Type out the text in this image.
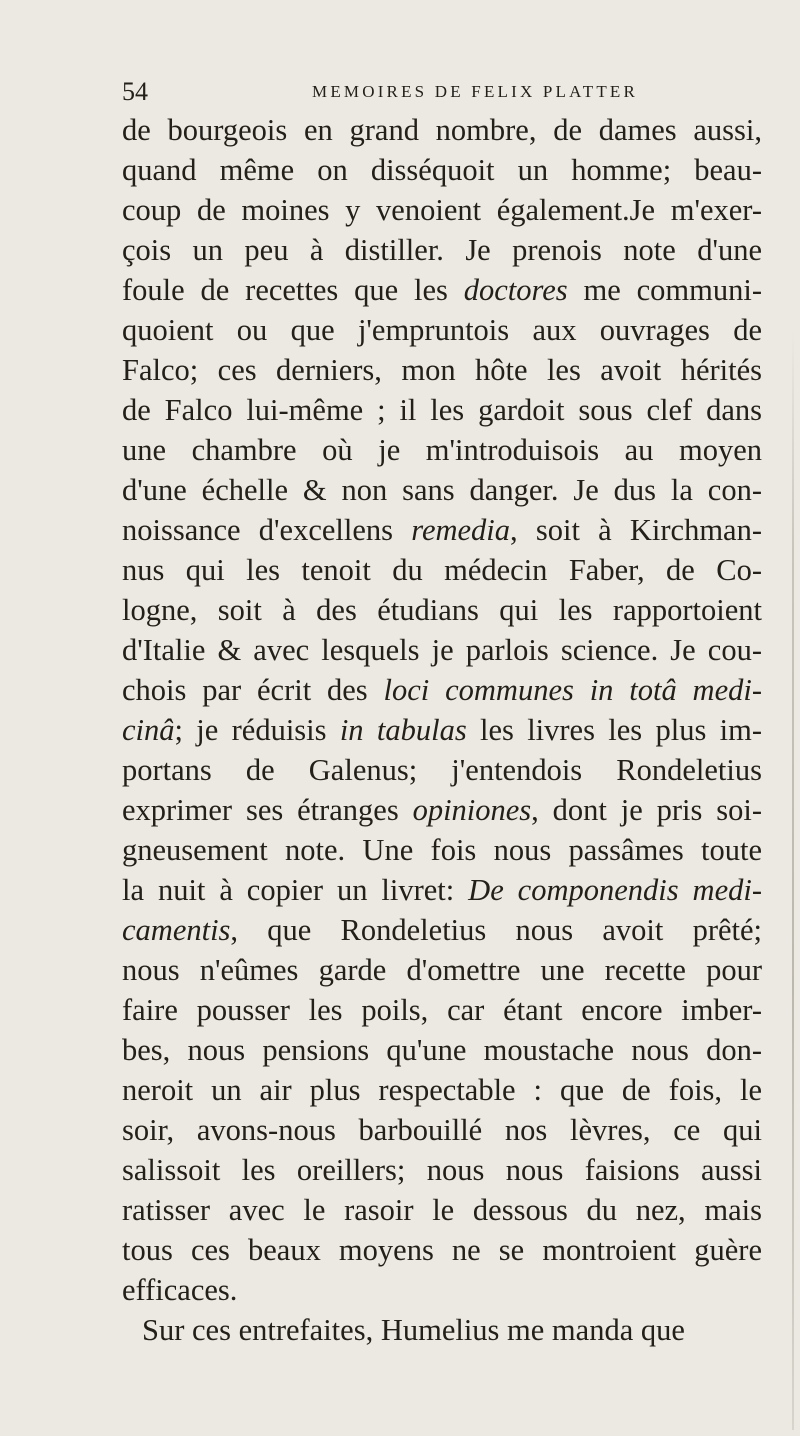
54	MEMOIRES DE FELIX PLATTER
de bourgeois en grand nombre, de dames aussi,
quand même on disséquoit un homme; beau-
coup de moines y venoient également.Je m'exer-
çois un peu à distiller. Je prenois note d'une
foule de recettes que les doctores me communi-
quoient ou que j'empruntois aux ouvrages de
Falco; ces derniers, mon hôte les avoit hérités
de Falco lui-même ; il les gardoit sous clef dans
une chambre où je m'introduisois au moyen
d'une échelle & non sans danger. Je dus la con-
noissance d'excellens remedia, soit à Kirchman-
nus qui les tenoit du médecin Faber, de Co-
logne, soit à des étudians qui les rapportoient
d'Italie & avec lesquels je parlois science. Je cou-
chois par écrit des loci communes in totâ medi-
cinâ; je réduisis in tabulas les livres les plus im-
portans de Galenus; j'entendois Rondeletius
exprimer ses étranges opiniones, dont je pris soi-
gneusement note. Une fois nous passâmes toute
la nuit à copier un livret: De componendis medi-
camentis, que Rondeletius nous avoit prêté;
nous n'eûmes garde d'omettre une recette pour
faire pousser les poils, car étant encore imber-
bes, nous pensions qu'une moustache nous don-
neroit un air plus respectable : que de fois, le
soir, avons-nous barbouillé nos lèvres, ce qui
salissoit les oreillers; nous nous faisions aussi
ratisser avec le rasoir le dessous du nez, mais
tous ces beaux moyens ne se montroient guère
efficaces.
Sur ces entrefaites, Humelius me manda que
